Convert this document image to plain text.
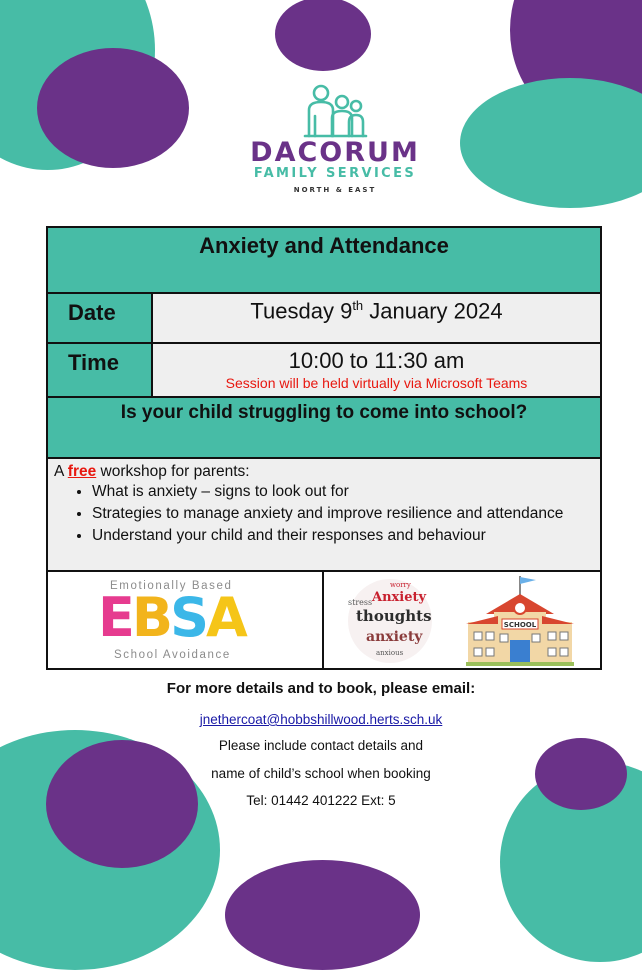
DACORUM
FAMILY SERVICES
NORTH & EAST
Anxiety and Attendance
Date	Tuesday 9th January 2024
Time	10:00 to 11:30 am
Session will be held virtually via Microsoft Teams
Is your child struggling to come into school?
A free workshop for parents:
• What is anxiety – signs to look out for
• Strategies to manage anxiety and improve resilience and attendance
• Understand your child and their responses and behaviour
Emotionally Based
EBSA
School Avoidance
Anxiety
thoughts
anxiety
stress
worry
anxious
SCHOOL
For more details and to book, please email:
jnethercoat@hobbshillwood.herts.sch.uk
Please include contact details and
name of child’s school when booking
Tel: 01442 401222 Ext: 5
